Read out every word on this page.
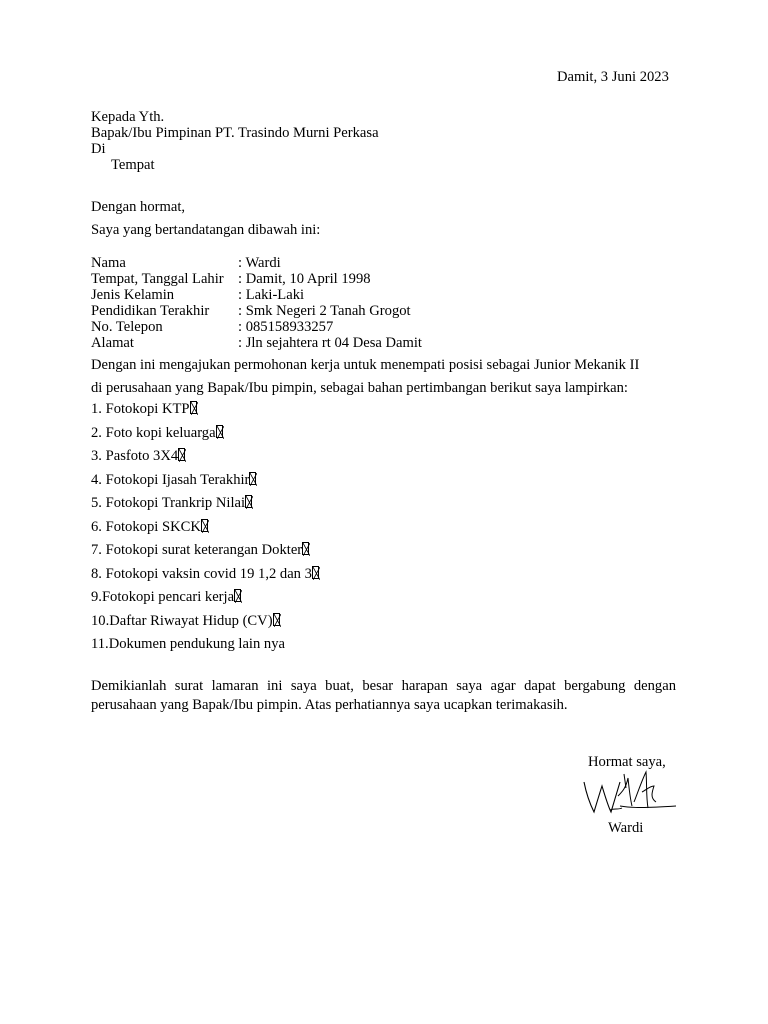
Damit, 3 Juni 2023
Kepada Yth.
Bapak/Ibu Pimpinan PT. Trasindo Murni Perkasa
Di
Tempat
Dengan hormat,
Saya yang bertandatangan dibawah ini:
Nama	: Wardi
Tempat, Tanggal Lahir : Damit, 10 April 1998
Jenis Kelamin	: Laki-Laki
Pendidikan Terakhir : Smk Negeri 2 Tanah Grogot
No. Telepon	: 085158933257
Alamat	: Jln sejahtera rt 04 Desa Damit
Dengan ini mengajukan permohonan kerja untuk menempati posisi sebagai Junior Mekanik II
di perusahaan yang Bapak/Ibu pimpin, sebagai bahan pertimbangan berikut saya lampirkan:
1. Fotokopi KTP
2. Foto kopi keluarga
3. Pasfoto 3X4
4. Fotokopi Ijasah Terakhir
5. Fotokopi Trankrip Nilai
6. Fotokopi SKCK
7. Fotokopi surat keterangan Dokter
8. Fotokopi vaksin covid 19 1,2 dan 3
9.Fotokopi pencari kerja
10.Daftar Riwayat Hidup (CV)
11.Dokumen pendukung lain nya
Demikianlah surat lamaran ini saya buat, besar harapan saya agar dapat bergabung dengan
perusahaan yang Bapak/Ibu pimpin. Atas perhatiannya saya ucapkan terimakasih.
Hormat saya,
Wardi
